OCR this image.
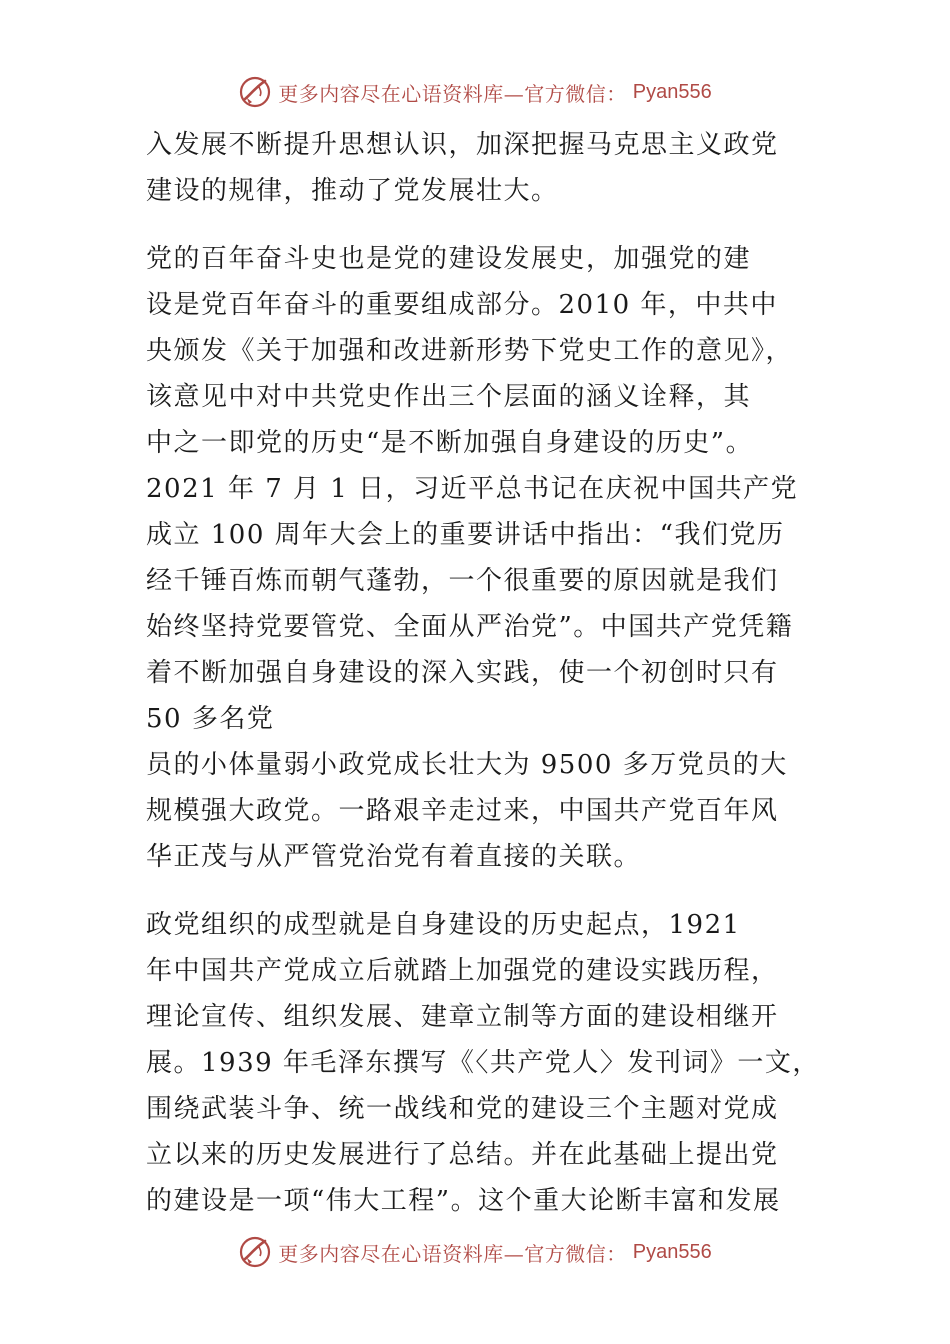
更多内容尽在心语资料库—官方微信： Pyan556
入发展不断提升思想认识，加深把握马克思主义政党
建设的规律，推动了党发展壮大。
党的百年奋斗史也是党的建设发展史，加强党的建
设是党百年奋斗的重要组成部分。2010 年，中共中
央颁发《关于加强和改进新形势下党史工作的意见》，
该意见中对中共党史作出三个层面的涵义诠释，其
中之一即党的历史“是不断加强自身建设的历史”。
2021 年 7 月 1 日，习近平总书记在庆祝中国共产党
成立 100 周年大会上的重要讲话中指出：“我们党历
经千锤百炼而朝气蓬勃，一个很重要的原因就是我们
始终坚持党要管党、全面从严治党”。中国共产党凭籍
着不断加强自身建设的深入实践，使一个初创时只有
50 多名党
员的小体量弱小政党成长壮大为 9500 多万党员的大
规模强大政党。一路艰辛走过来，中国共产党百年风
华正茂与从严管党治党有着直接的关联。
政党组织的成型就是自身建设的历史起点，1921
年中国共产党成立后就踏上加强党的建设实践历程，
理论宣传、组织发展、建章立制等方面的建设相继开
展。1939 年毛泽东撰写《〈共产党人〉发刊词》一文，
围绕武装斗争、统一战线和党的建设三个主题对党成
立以来的历史发展进行了总结。并在此基础上提出党
的建设是一项“伟大工程”。这个重大论断丰富和发展
更多内容尽在心语资料库—官方微信： Pyan556
